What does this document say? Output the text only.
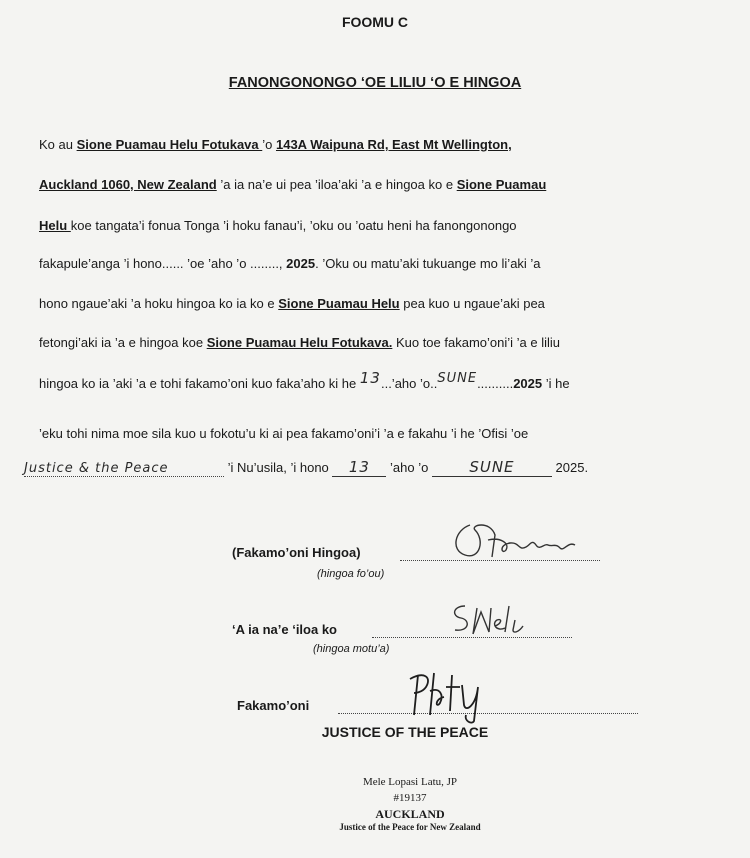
FOOMU C
FANONGONONGO ‘OE LILIU ‘O E HINGOA
Ko au Sione Puamau Helu Fotukava ’o 143A Waipuna Rd, East Mt Wellington,
Auckland 1060, New Zealand ’a ia na’e ui pea ’iloa’aki ’a e hingoa ko e Sione Puamau
Helu koe tangata’i fonua Tonga ’i hoku fanau’i, ’oku ou ’oatu heni ha fanongonongo
fakapule’anga ’i hono...... ’oe ’aho ’o ........, 2025. ’Oku ou matu’aki tukuange mo li’aki ’a
hono ngaue’aki ’a hoku hingoa ko ia ko e Sione Puamau Helu pea kuo u ngaue’aki pea
fetongi’aki ia ’a e hingoa koe Sione Puamau Helu Fotukava. Kuo toe fakamo’oni’i ’a e liliu
hingoa ko ia ’aki ’a e tohi fakamo’oni kuo faka’aho ki he 13...’aho ’o..SUNE..........2025 ’i he
’eku tohi nima moe sila kuo u fokotu’u ki ai pea fakamo’oni’i ’a e fakahu ’i he ’Ofisi ’oe
Justice & the Peace	’i Nu’usila, ’i hono 13 ’aho ’o SUNE	2025.
(Fakamo’oni Hingoa)
(hingoa fo’ou)
‘A ia na’e ‘iloa ko
(hingoa motu’a)
Fakamo’oni
JUSTICE OF THE PEACE
Mele Lopasi Latu, JP
#19137
AUCKLAND
Justice of the Peace for New Zealand
